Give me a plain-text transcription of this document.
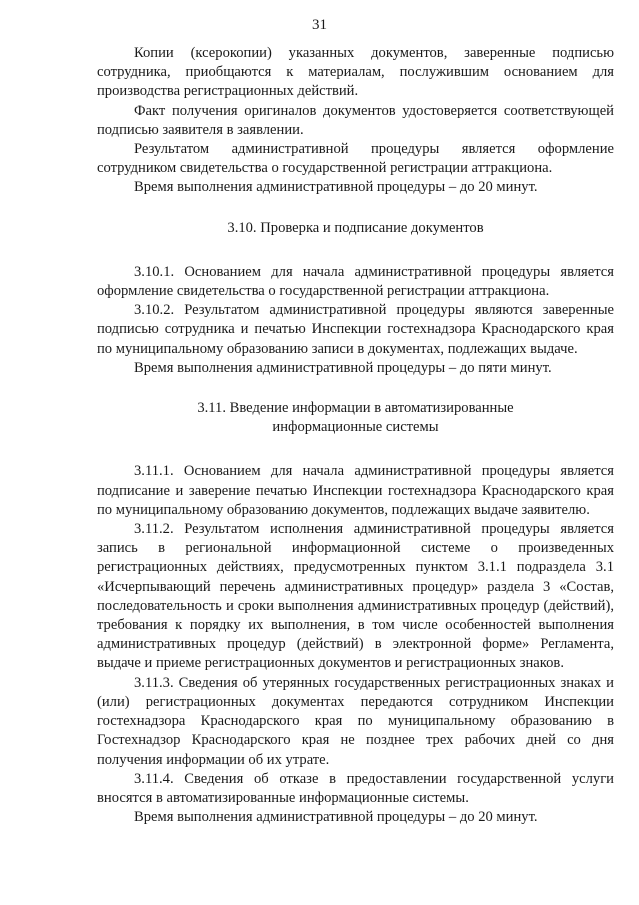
31

Копии (ксерокопии) указанных документов, заверенные подписью сотрудника, приобщаются к материалам, послужившим основанием для производства регистрационных действий.

Факт получения оригиналов документов удостоверяется соответствующей подписью заявителя в заявлении.

Результатом административной процедуры является оформление сотрудником свидетельства о государственной регистрации аттракциона.

Время выполнения административной процедуры – до 20 минут.

3.10. Проверка и подписание документов

3.10.1. Основанием для начала административной процедуры является оформление свидетельства о государственной регистрации аттракциона.

3.10.2. Результатом административной процедуры являются заверенные подписью сотрудника и печатью Инспекции гостехнадзора Краснодарского края по муниципальному образованию записи в документах, подлежащих выдаче.

Время выполнения административной процедуры – до пяти минут.

3.11. Введение информации в автоматизированные информационные системы

3.11.1. Основанием для начала административной процедуры является подписание и заверение печатью Инспекции гостехнадзора Краснодарского края по муниципальному образованию документов, подлежащих выдаче заявителю.

3.11.2. Результатом исполнения административной процедуры является запись в региональной информационной системе о произведенных регистрационных действиях, предусмотренных пунктом 3.1.1 подраздела 3.1 «Исчерпывающий перечень административных процедур» раздела 3 «Состав, последовательность и сроки выполнения административных процедур (действий), требования к порядку их выполнения, в том числе особенностей выполнения административных процедур (действий) в электронной форме» Регламента, выдаче и приеме регистрационных документов и регистрационных знаков.

3.11.3. Сведения об утерянных государственных регистрационных знаках и (или) регистрационных документах передаются сотрудником Инспекции гостехнадзора Краснодарского края по муниципальному образованию в Гостехнадзор Краснодарского края не позднее трех рабочих дней со дня получения информации об их утрате.

3.11.4. Сведения об отказе в предоставлении государственной услуги вносятся в автоматизированные информационные системы.

Время выполнения административной процедуры – до 20 минут.
